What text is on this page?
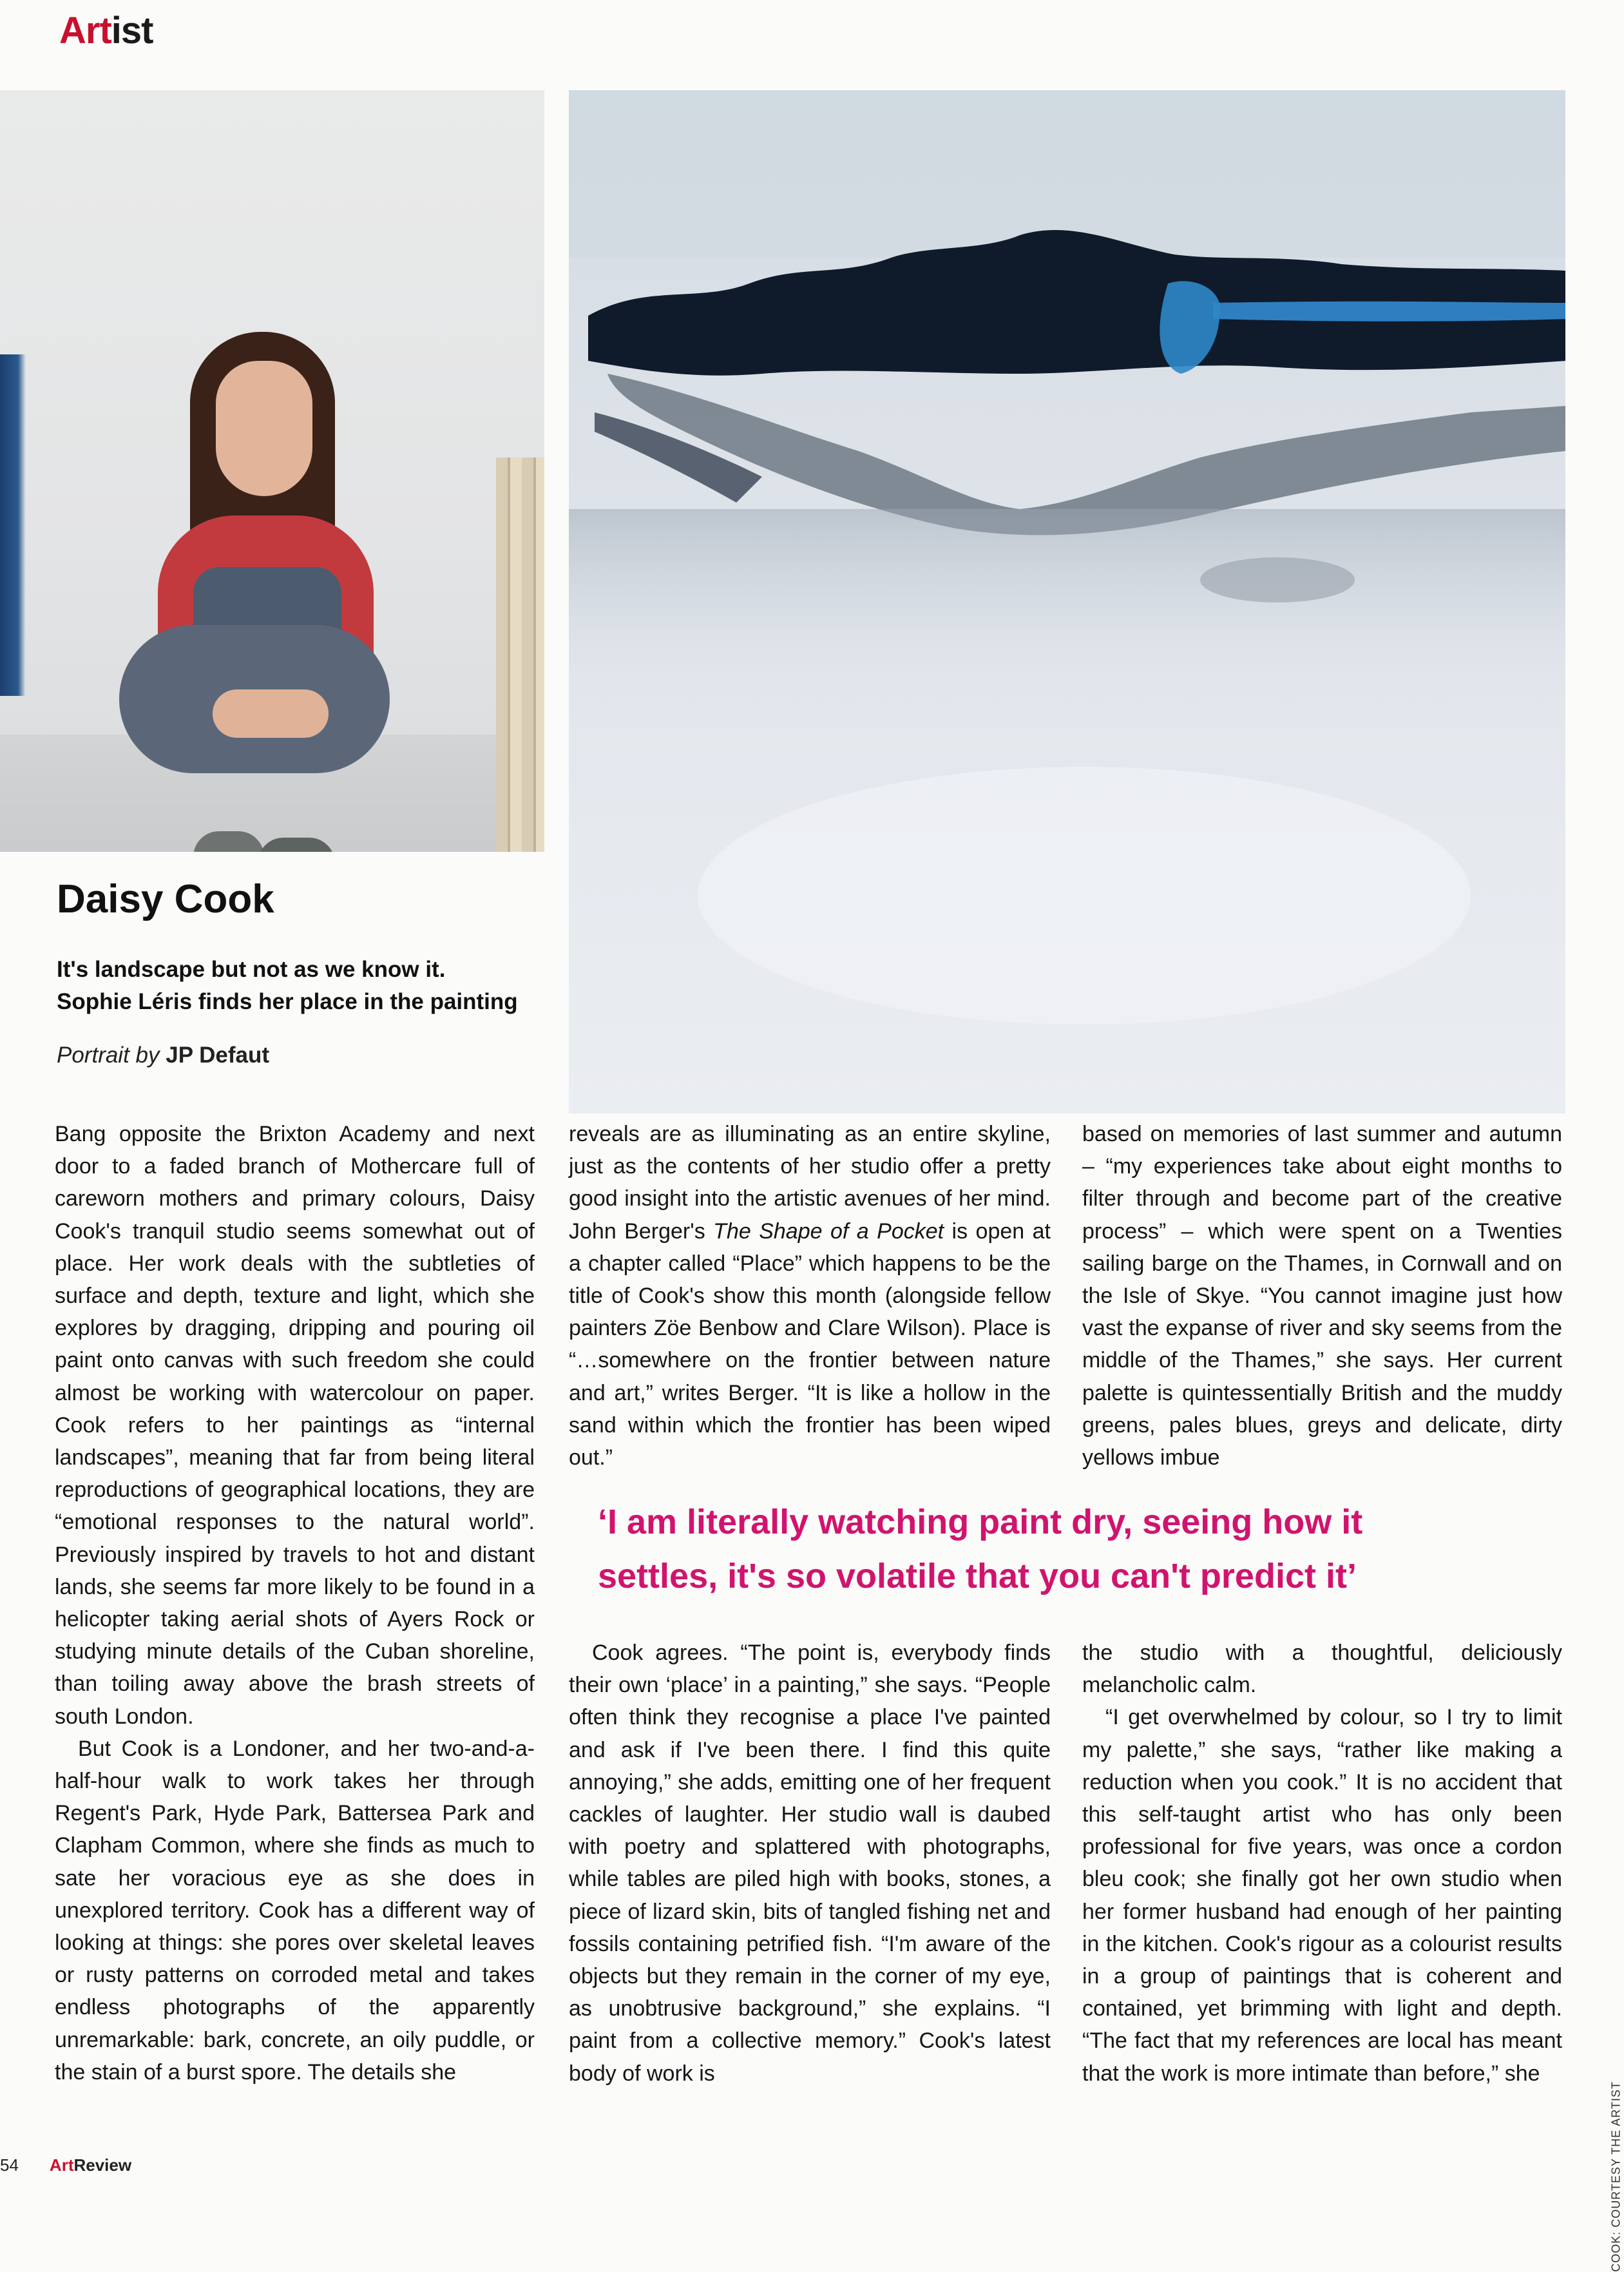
Artist
Daisy Cook
It's landscape but not as we know it.
Sophie Léris finds her place in the painting
Portrait by JP Defaut

Bang opposite the Brixton Academy and next door to a faded branch of Mothercare full of careworn mothers and primary colours, Daisy Cook's tranquil studio seems somewhat out of place. Her work deals with the subtleties of surface and depth, texture and light, which she explores by dragging, dripping and pouring oil paint onto canvas with such freedom she could almost be working with watercolour on paper. Cook refers to her paintings as “internal landscapes”, meaning that far from being literal reproductions of geographical locations, they are “emotional responses to the natural world”. Previously inspired by travels to hot and distant lands, she seems far more likely to be found in a helicopter taking aerial shots of Ayers Rock or studying minute details of the Cuban shoreline, than toiling away above the brash streets of south London.

But Cook is a Londoner, and her two-and-a-half-hour walk to work takes her through Regent's Park, Hyde Park, Battersea Park and Clapham Common, where she finds as much to sate her voracious eye as she does in unexplored territory. Cook has a different way of looking at things: she pores over skeletal leaves or rusty patterns on corroded metal and takes endless photographs of the apparently unremarkable: bark, concrete, an oily puddle, or the stain of a burst spore. The details she

reveals are as illuminating as an entire skyline, just as the contents of her studio offer a pretty good insight into the artistic avenues of her mind. John Berger's The Shape of a Pocket is open at a chapter called “Place” which happens to be the title of Cook's show this month (alongside fellow painters Zöe Benbow and Clare Wilson). Place is “…somewhere on the frontier between nature and art,” writes Berger. “It is like a hollow in the sand within which the frontier has been wiped out.”

based on memories of last summer and autumn – “my experiences take about eight months to filter through and become part of the creative process” – which were spent on a Twenties sailing barge on the Thames, in Cornwall and on the Isle of Skye. “You cannot imagine just how vast the expanse of river and sky seems from the middle of the Thames,” she says. Her current palette is quintessentially British and the muddy greens, pales blues, greys and delicate, dirty yellows imbue

‘I am literally watching paint dry, seeing how it
settles, it's so volatile that you can't predict it’

Cook agrees. “The point is, everybody finds their own ‘place’ in a painting,” she says. “People often think they recognise a place I've painted and ask if I've been there. I find this quite annoying,” she adds, emitting one of her frequent cackles of laughter. Her studio wall is daubed with poetry and splattered with photographs, while tables are piled high with books, stones, a piece of lizard skin, bits of tangled fishing net and fossils containing petrified fish. “I'm aware of the objects but they remain in the corner of my eye, as unobtrusive background,” she explains. “I paint from a collective memory.” Cook's latest body of work is

the studio with a thoughtful, deliciously melancholic calm.

“I get overwhelmed by colour, so I try to limit my palette,” she says, “rather like making a reduction when you cook.” It is no accident that this self-taught artist who has only been professional for five years, was once a cordon bleu cook; she finally got her own studio when her former husband had enough of her painting in the kitchen. Cook's rigour as a colourist results in a group of paintings that is coherent and contained, yet brimming with light and depth. “The fact that my references are local has meant that the work is more intimate than before,” she

COOK: COURTESY THE ARTIST
54 ArtReview
